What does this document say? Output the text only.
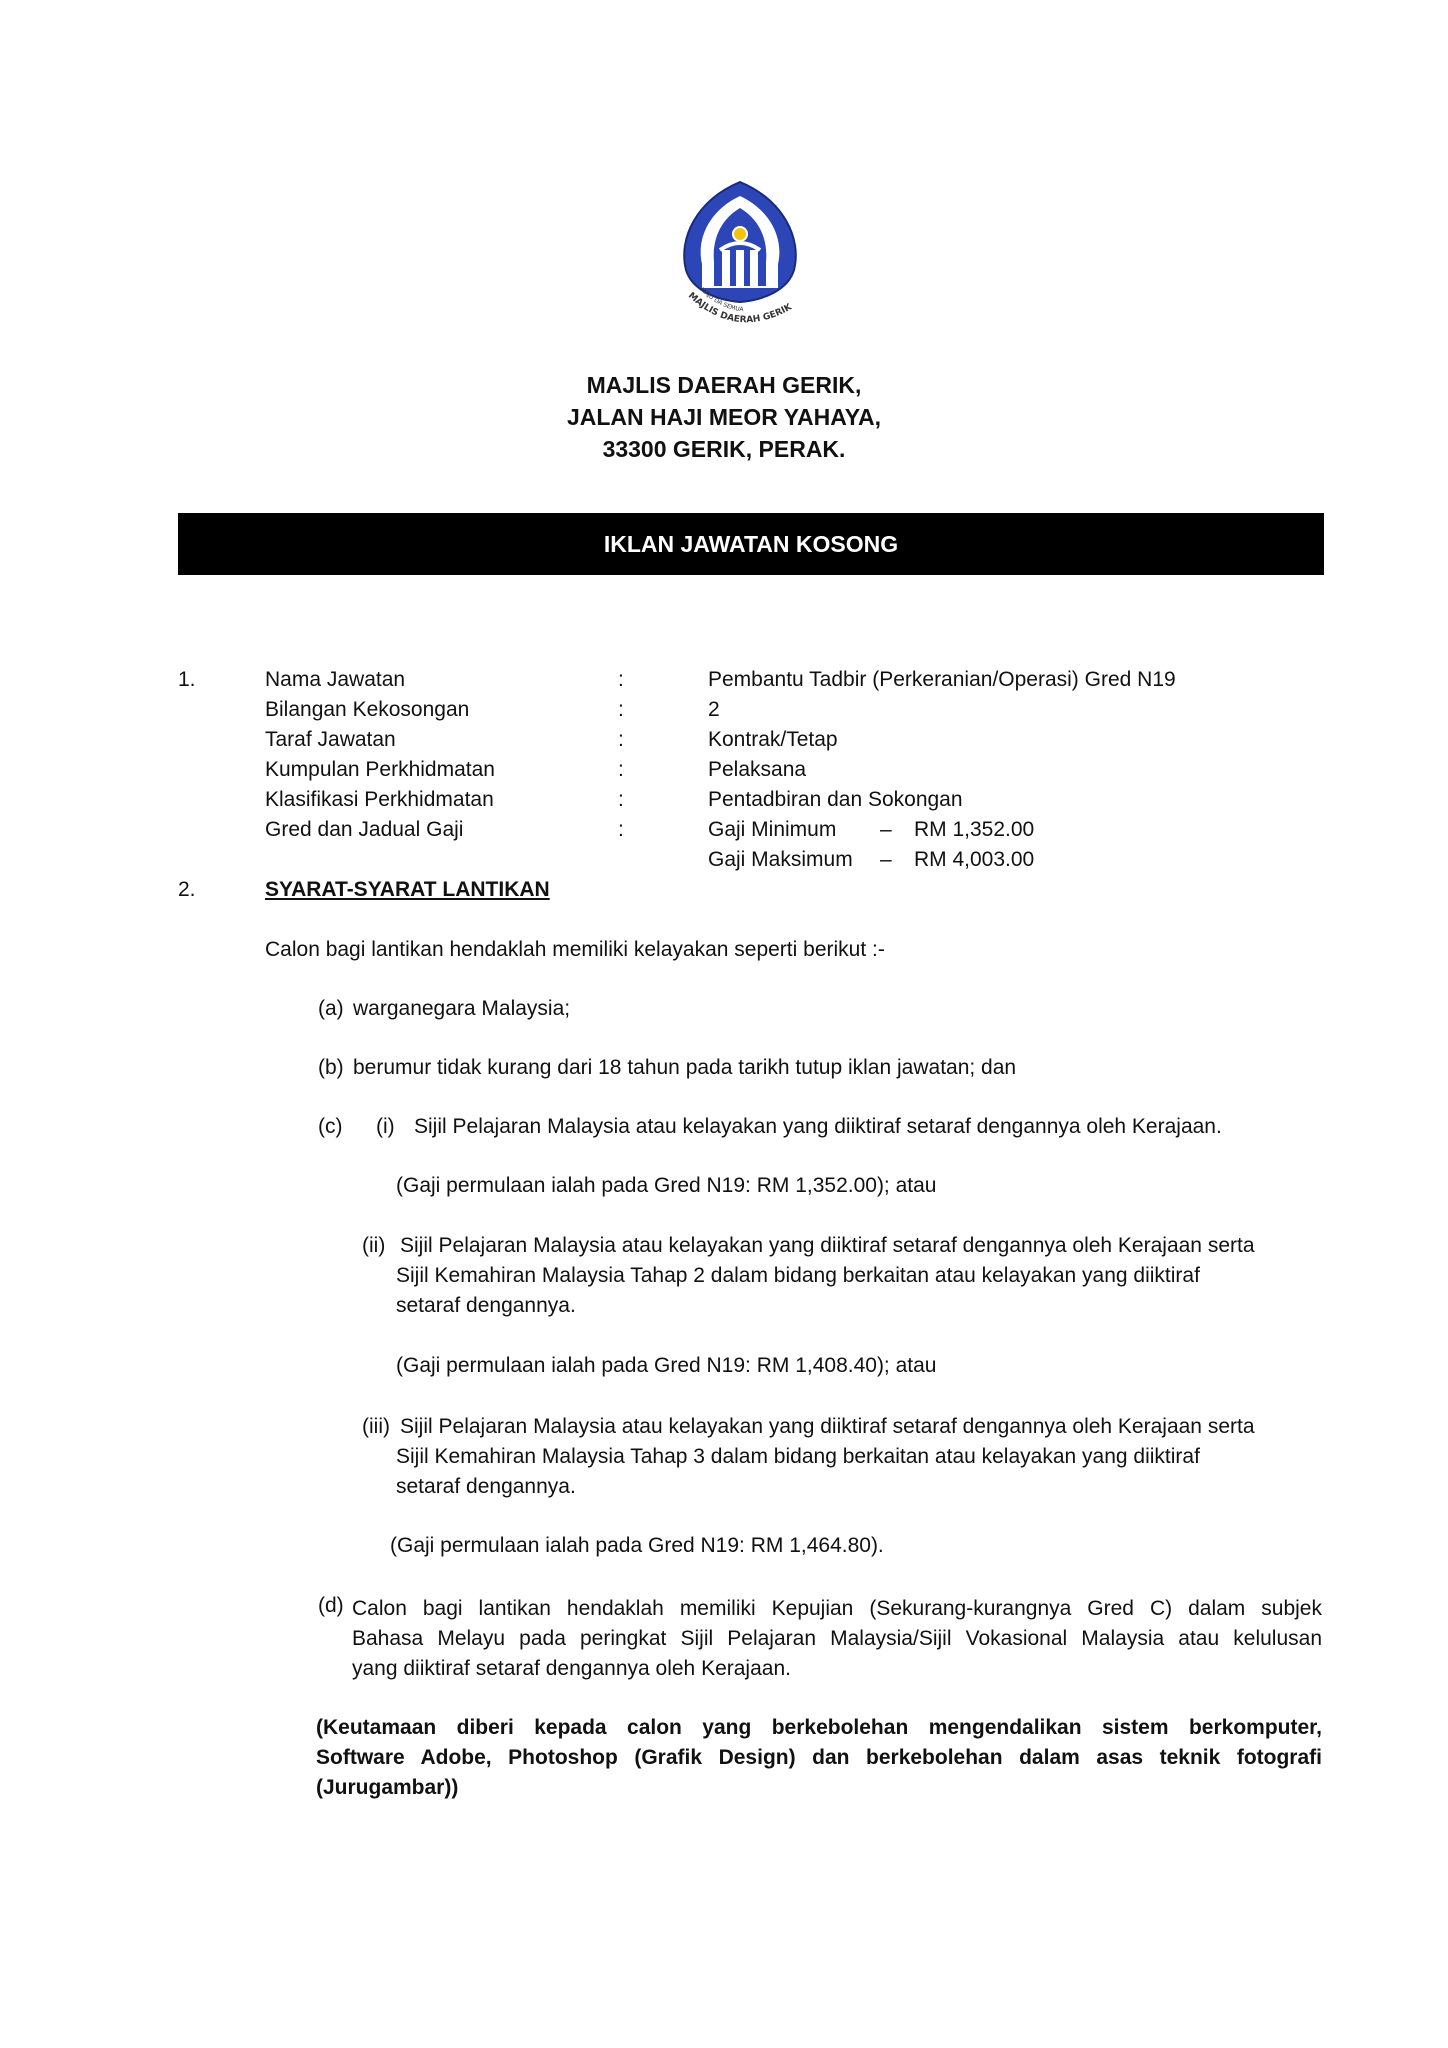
MAJU DA SEMUA
MAJLIS DAERAH GERIK
MAJLIS DAERAH GERIK,
JALAN HAJI MEOR YAHAYA,
33300 GERIK, PERAK.
IKLAN JAWATAN KOSONG
1.	Nama Jawatan	:	Pembantu Tadbir (Perkeranian/Operasi) Gred N19
Bilangan Kekosongan	:	2
Taraf Jawatan	:	Kontrak/Tetap
Kumpulan Perkhidmatan	:	Pelaksana
Klasifikasi Perkhidmatan	:	Pentadbiran dan Sokongan
Gred dan Jadual Gaji	:	Gaji Minimum – RM 1,352.00
Gaji Maksimum – RM 4,003.00
2.	SYARAT-SYARAT LANTIKAN
Calon bagi lantikan hendaklah memiliki kelayakan seperti berikut :-
(a) warganegara Malaysia;
(b) berumur tidak kurang dari 18 tahun pada tarikh tutup iklan jawatan; dan
(c) (i) Sijil Pelajaran Malaysia atau kelayakan yang diiktiraf setaraf dengannya oleh Kerajaan.
(Gaji permulaan ialah pada Gred N19: RM 1,352.00); atau
(ii) Sijil Pelajaran Malaysia atau kelayakan yang diiktiraf setaraf dengannya oleh Kerajaan serta
Sijil Kemahiran Malaysia Tahap 2 dalam bidang berkaitan atau kelayakan yang diiktiraf
setaraf dengannya.
(Gaji permulaan ialah pada Gred N19: RM 1,408.40); atau
(iii) Sijil Pelajaran Malaysia atau kelayakan yang diiktiraf setaraf dengannya oleh Kerajaan serta
Sijil Kemahiran Malaysia Tahap 3 dalam bidang berkaitan atau kelayakan yang diiktiraf
setaraf dengannya.
(Gaji permulaan ialah pada Gred N19: RM 1,464.80).
(d) Calon bagi lantikan hendaklah memiliki Kepujian (Sekurang-kurangnya Gred C) dalam subjek
Bahasa Melayu pada peringkat Sijil Pelajaran Malaysia/Sijil Vokasional Malaysia atau kelulusan
yang diiktiraf setaraf dengannya oleh Kerajaan.
(Keutamaan diberi kepada calon yang berkebolehan mengendalikan sistem berkomputer,
Software Adobe, Photoshop (Grafik Design) dan berkebolehan dalam asas teknik fotografi
(Jurugambar))
